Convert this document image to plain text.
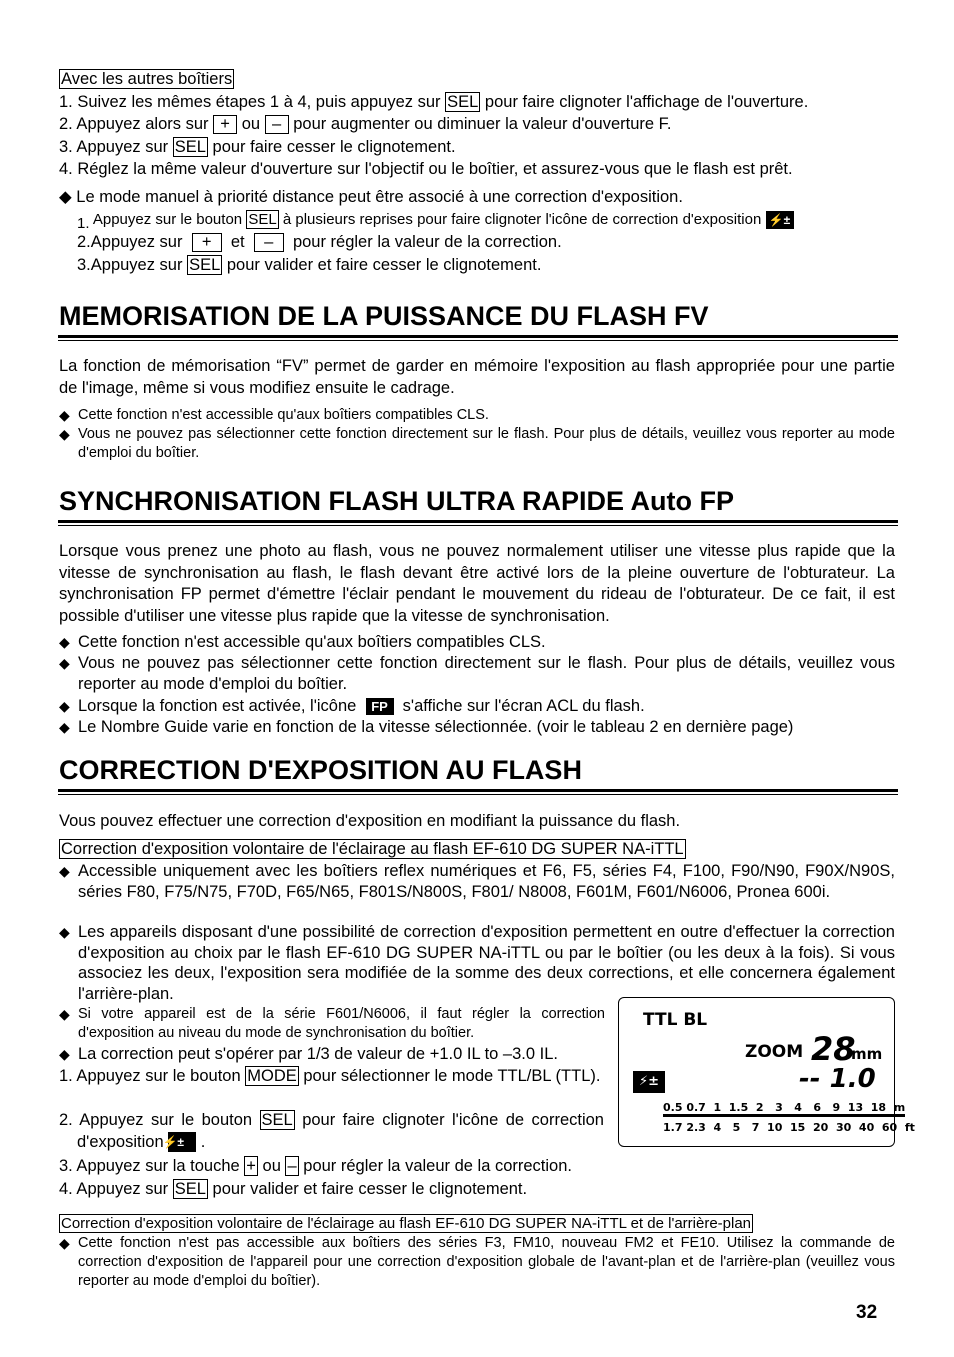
Avec les autres boîtiers
1. Suivez les mêmes étapes 1 à 4, puis appuyez sur SEL pour faire clignoter l'affichage de l'ouverture.
2. Appuyez alors sur + ou – pour augmenter ou diminuer la valeur d'ouverture F.
3. Appuyez sur SEL pour faire cesser le clignotement.
4. Réglez la même valeur d'ouverture sur l'objectif ou le boîtier, et assurez-vous que le flash est prêt.
◆ Le mode manuel à priorité distance peut être associé à une correction d'exposition.
1. Appuyez sur le bouton SEL à plusieurs reprises pour faire clignoter l'icône de correction d'exposition ⚡±
2.Appuyez sur + et – pour régler la valeur de la correction.
3.Appuyez sur SEL pour valider et faire cesser le clignotement.
MEMORISATION DE LA PUISSANCE DU FLASH FV
La fonction de mémorisation “FV” permet de garder en mémoire l'exposition au flash appropriée pour une partie de l'image, même si vous modifiez ensuite le cadrage.
◆ Cette fonction n'est accessible qu'aux boîtiers compatibles CLS.
◆ Vous ne pouvez pas sélectionner cette fonction directement sur le flash. Pour plus de détails, veuillez vous reporter au mode d'emploi du boîtier.
SYNCHRONISATION FLASH ULTRA RAPIDE Auto FP
Lorsque vous prenez une photo au flash, vous ne pouvez normalement utiliser une vitesse plus rapide que la vitesse de synchronisation au flash, le flash devant être activé lors de la pleine ouverture de l'obturateur. La synchronisation FP permet d'émettre l'éclair pendant le mouvement du rideau de l'obturateur. De ce fait, il est possible d'utiliser une vitesse plus rapide que la vitesse de synchronisation.
◆ Cette fonction n'est accessible qu'aux boîtiers compatibles CLS.
◆ Vous ne pouvez pas sélectionner cette fonction directement sur le flash. Pour plus de détails, veuillez vous reporter au mode d'emploi du boîtier.
◆ Lorsque la fonction est activée, l'icône FP s'affiche sur l'écran ACL du flash.
◆ Le Nombre Guide varie en fonction de la vitesse sélectionnée. (voir le tableau 2 en dernière page)
CORRECTION D'EXPOSITION AU FLASH
Vous pouvez effectuer une correction d'exposition en modifiant la puissance du flash.
Correction d'exposition volontaire de l'éclairage au flash EF-610 DG SUPER NA-iTTL
◆ Accessible uniquement avec les boîtiers reflex numériques et F6, F5, séries F4, F100, F90/N90, F90X/N90S, séries F80, F75/N75, F70D, F65/N65, F801S/N800S, F801/ N8008, F601M, F601/N6006, Pronea 600i.
◆ Les appareils disposant d'une possibilité de correction d'exposition permettent en outre d'effectuer la correction d'exposition au choix par le flash EF-610 DG SUPER NA-iTTL ou par le boîtier (ou les deux à la fois). Si vous associez les deux, l'exposition sera modifiée de la somme des deux corrections, et elle concernera également l'arrière-plan.
◆ Si votre appareil est de la série F601/N6006, il faut régler la correction d'exposition au niveau du mode de synchronisation du boîtier.
◆ La correction peut s'opérer par 1/3 de valeur de +1.0 IL to –3.0 IL.
1. Appuyez sur le bouton MODE pour sélectionner le mode TTL/BL (TTL).
2. Appuyez sur le bouton SEL pour faire clignoter l'icône de correction d'exposition ⚡± .
3. Appuyez sur la touche + ou – pour régler la valeur de la correction.
4. Appuyez sur SEL pour valider et faire cesser le clignotement.
Correction d'exposition volontaire de l'éclairage au flash EF-610 DG SUPER NA-iTTL et de l'arrière-plan
◆ Cette fonction n'est pas accessible aux boîtiers des séries F3, FM10, nouveau FM2 et FE10. Utilisez la commande de correction d'exposition de l'appareil pour une correction d'exposition globale de l'avant-plan et de l'arrière-plan (veuillez vous reporter au mode d'emploi du boîtier).
TTL BL
ZOOM 28
mm
⚡±	-- 1.0
0.5 0.7  1  1.5  2   3   4   6   9  13  18  m
1.7 2.3  4   5   7  10  15  20  30  40  60  ft
32
